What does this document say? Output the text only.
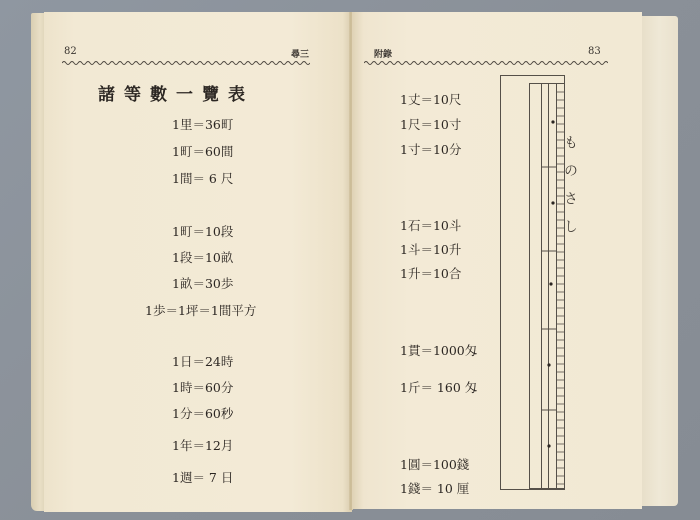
82	尋三
諸等數一覽表
1里＝36町
1町＝60間
1間＝ 6 尺
1町＝10段
1段＝10畝
1畝＝30歩
1歩＝1坪＝1間平方
1日＝24時
1時＝60分
1分＝60秒
1年＝12月
1週＝ 7 日
附錄	83
1丈＝10尺
1尺＝10寸
1寸＝10分
1石＝10斗
1斗＝10升
1升＝10合
1貫＝1000匁
1斤＝ 160 匁
1圓＝100錢
1錢＝ 10 厘
ものさし
